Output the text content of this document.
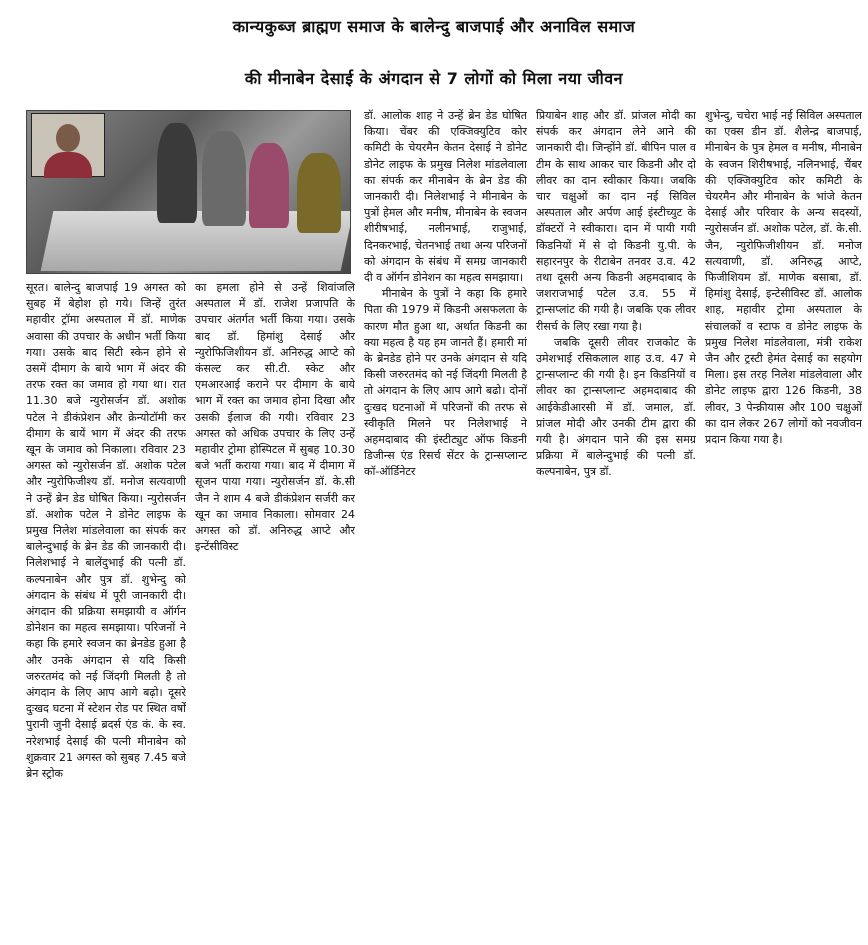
कान्यकुब्ज ब्राह्मण समाज के बालेन्दु बाजपाई और अनाविल समाज
की मीनाबेन देसाई के अंगदान से 7 लोगों को मिला नया जीवन

सूरत। बालेन्दु बाजपाई 19 अगस्त को सुबह में बेहोश हो गये। जिन्हें तुरंत महावीर ट्रॉमा अस्पताल में डॉ. माणेक अवासा की उपचार के अधीन भर्ती किया गया। उसके बाद सिटी स्केन होने से उसमें दीमाग के बाये भाग में अंदर की तरफ रक्त का जमाव हो गया था। रात 11.30 बजे न्युरोसर्जन डॉ. अशोक पटेल ने डीकंप्रेशन और क्रेन्योटॉमी कर दीमाग के बायें भाग में अंदर की तरफ खून के जमाव को निकाला। रविवार 23 अगस्त को न्युरोसर्जन डॉ. अशोक पटेल और न्युरोफिजीश्य डॉ. मनोज सत्यवाणी ने उन्हें ब्रेन डेड घोषित किया। न्युरोसर्जन डॉ. अशोक पटेल ने डोनेट लाइफ के प्रमुख निलेश मांडलेवाला का संपर्क कर बालेन्दुभाई के ब्रेन डेड की जानकारी दी। निलेशभाई ने बालेंदुभाई की पत्नी डॉ. कल्पनाबेन और पुत्र डॉ. शुभेन्दु को अंगदान के संबंध में पूरी जानकारी दी। अंगदान की प्रक्रिया समझायी व ऑर्गन डोनेशन का महत्व समझाया। परिजनों ने कहा कि हमारे स्वजन का ब्रेनडेड हुआ है और उनके अंगदान से यदि किसी जरुरतमंद को नई जिंदगी मिलती है तो अंगदान के लिए आप आगे बढ़ो। दूसरे दुःखद घटना में स्टेशन रोड पर स्थित वर्षों पुरानी जुनी देसाई ब्रदर्स एंड कं. के स्व. नरेशभाई देसाई की पत्नी मीनाबेन को शुक्रवार 21 अगस्त को सुबह 7.45 बजे ब्रेन स्ट्रोक

का हमला होने से उन्हें शिवांजलि अस्पताल में डॉ. राजेश प्रजापति के उपचार अंतर्गत भर्ती किया गया। उसके बाद डॉ. हिमांशु देसाई और न्युरोफिजिशीयन डॉ. अनिरुद्ध आप्टे को कंसल्ट कर सी.टी. स्केट और एमआरआई कराने पर दीमाग के बाये भाग में रक्त का जमाव होना दिखा और उसकी ईलाज की गयी। रविवार 23 अगस्त को अधिक उपचार के लिए उन्हें महावीर ट्रोमा होस्पिटल में सुबह 10.30 बजे भर्ती कराया गया। बाद में दीमाग में सूजन पाया गया। न्युरोसर्जन डॉ. के.सी जैन ने शाम 4 बजे डीकंप्रेशन सर्जरी कर खून का जमाव निकाला। सोमवार 24 अगस्त को डॉ. अनिरुद्ध आप्टे और इन्टेंसीविस्ट

डॉ. आलोक शाह ने उन्हें ब्रेन डेड घोषित किया। चेंबर की एक्जिक्युटिव कोर कमिटी के चेयरमैन केतन देसाई ने डोनेट डोनेट लाइफ के प्रमुख निलेश मांडलेवाला का संपर्क कर मीनाबेन के ब्रेन डेड की जानकारी दी। निलेशभाई ने मीनाबेन के पुत्रों हेमल और मनीष, मीनाबेन के स्वजन शीरीषभाई, नलीनभाई, राजुभाई, दिनकरभाई, चेतनभाई तथा अन्य परिजनों को अंगदान के संबंध में समग्र जानकारी दी व ऑर्गन डोनेशन का महत्व समझाया।

मीनाबेन के पुत्रों ने कहा कि हमारे पिता की 1979 में किडनी असफलता के कारण मौत हुआ था, अर्थात किडनी का क्या महत्व है यह हम जानते हैं। हमारी मां के ब्रेनडेड होने पर उनके अंगदान से यदि किसी जरुरतमंद को नई जिंदगी मिलती है तो अंगदान के लिए आप आगे बढो। दोनों दुःखद घटनाओं में परिजनों की तरफ से स्वीकृति मिलने पर निलेशभाई ने अहमदाबाद की इंस्टीट्युट ऑफ किडनी डिजीन्स एंड रिसर्च सेंटर के ट्रान्सप्लान्ट कॉ-ऑर्डिनेटर

प्रियाबेन शाह और डॉ. प्रांजल मोदी का संपर्क कर अंगदान लेने आने की जानकारी दी। जिन्होंने डॉ. बीपिन पाल व टीम के साथ आकर चार किडनी और दो लीवर का दान स्वीकार किया। जबकि चार चक्षुओं का दान नई सिविल अस्पताल और अर्पण आई इंस्टीच्युट के डॉक्टरों ने स्वीकारा। दान में पायी गयी किडनियों में से दो किडनी यु.पी. के सहारनपुर के रीटाबेन तनवर उ.व. 42 तथा दूसरी अन्य किडनी अहमदाबाद के जशराजभाई पटेल उ.व. 55 में ट्रान्सप्लांट की गयी है। जबकि एक लीवर रीसर्च के लिए रखा गया है।

जबकि दूसरी लीवर राजकोट के उमेशभाई रसिकलाल शाह उ.व. 47 मे ट्रान्सप्लान्ट की गयी है। इन किडनियों व लीवर का ट्रान्सप्लान्ट अहमदाबाद की आईकेडीआरसी में डॉ. जमाल, डॉ. प्रांजल मोदी और उनकी टीम द्वारा की गयी है। अंगदान पाने की इस समग्र प्रक्रिया में बालेन्दुभाई की पत्नी डॉ. कल्पनाबेन, पुत्र डॉ.

शुभेन्दु, चचेरा भाई नई सिविल अस्पताल का एक्स डीन डॉ. शैलेन्द्र बाजपाई, मीनाबेन के पुत्र हेमल व मनीष, मीनाबेन के स्वजन शिरीषभाई, नलिनभाई, चैंबर की एक्जिक्युटिव कोर कमिटी के चेयरमैन और मीनाबेन के भांजे केतन देसाई और परिवार के अन्य सदस्यों, न्युरोसर्जन डॉ. अशोक पटेल, डॉ. के.सी. जैन, न्युरोफिजीशीयन डॉ. मनोज सत्यवाणी, डॉ. अनिरुद्ध आप्टे, फिजीशियम डॉ. माणेक बसाबा, डॉ. हिमांशु देसाई, इन्टेसीविस्ट डॉ. आलोक शाह, महावीर ट्रोमा अस्पताल के संचालकों व स्टाफ व डोनेट लाइफ के प्रमुख निलेश मांडलेवाला, मंत्री राकेश जैन और ट्रस्टी हेमंत देसाई का सहयोग मिला। इस तरह निलेश मांडलेवाला और डोनेट लाइफ द्वारा 126 किडनी, 38 लीवर, 3 पेन्क्रीयास और 100 चक्षुओं का दान लेकर 267 लोगों को नवजीवन प्रदान किया गया है।
